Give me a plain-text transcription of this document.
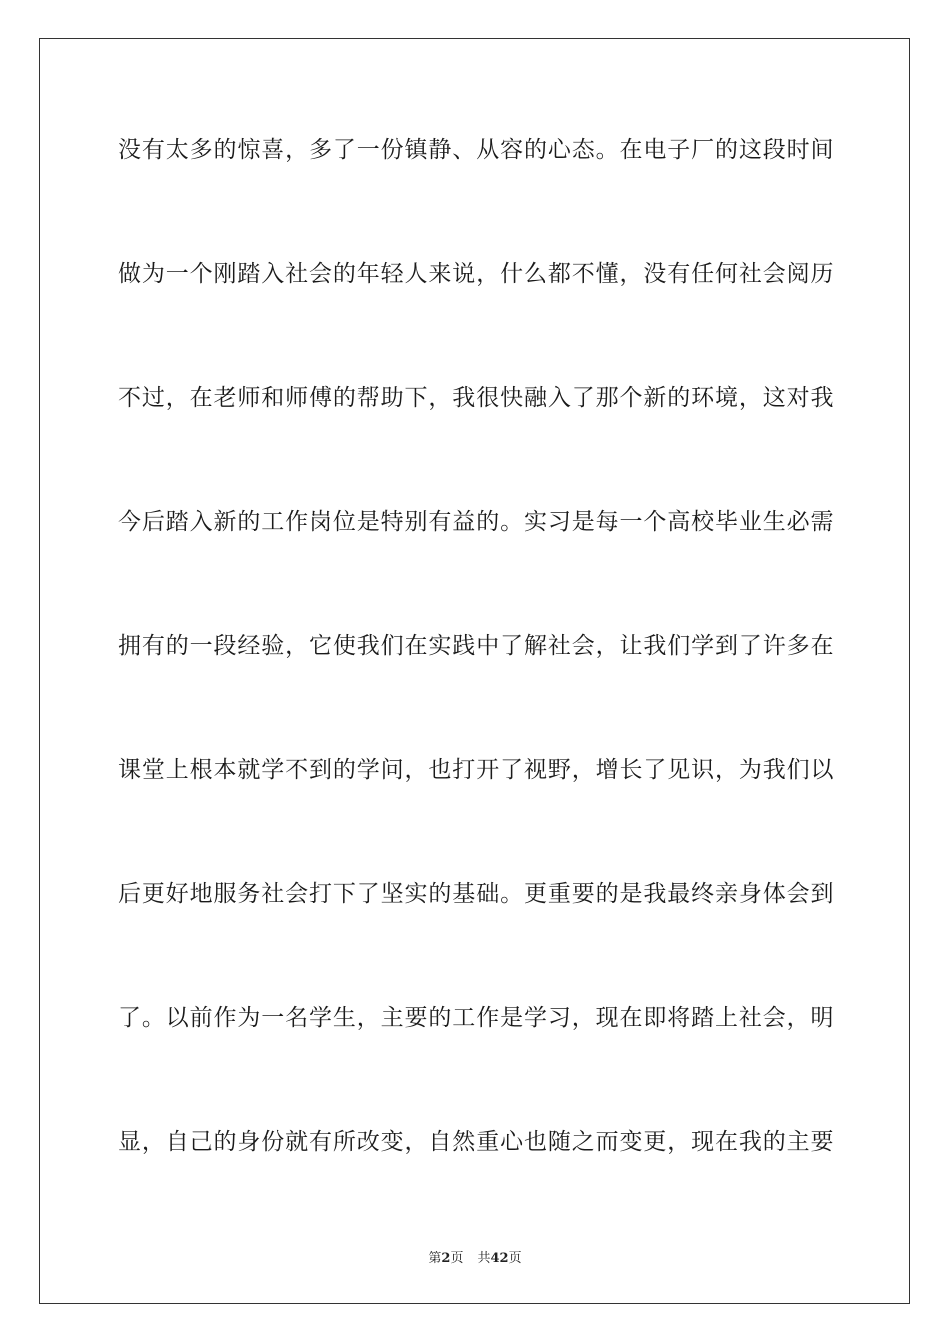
没有太多的惊喜，多了一份镇静、从容的心态。在电子厂的这段时间
做为一个刚踏入社会的年轻人来说，什么都不懂，没有任何社会阅历
不过，在老师和师傅的帮助下，我很快融入了那个新的环境，这对我
今后踏入新的工作岗位是特别有益的。实习是每一个高校毕业生必需
拥有的一段经验，它使我们在实践中了解社会，让我们学到了许多在
课堂上根本就学不到的学问，也打开了视野，增长了见识，为我们以
后更好地服务社会打下了坚实的基础。更重要的是我最终亲身体会到
了。以前作为一名学生，主要的工作是学习，现在即将踏上社会，明
显，自己的身份就有所改变，自然重心也随之而变更，现在我的主要
第2页 共42页
